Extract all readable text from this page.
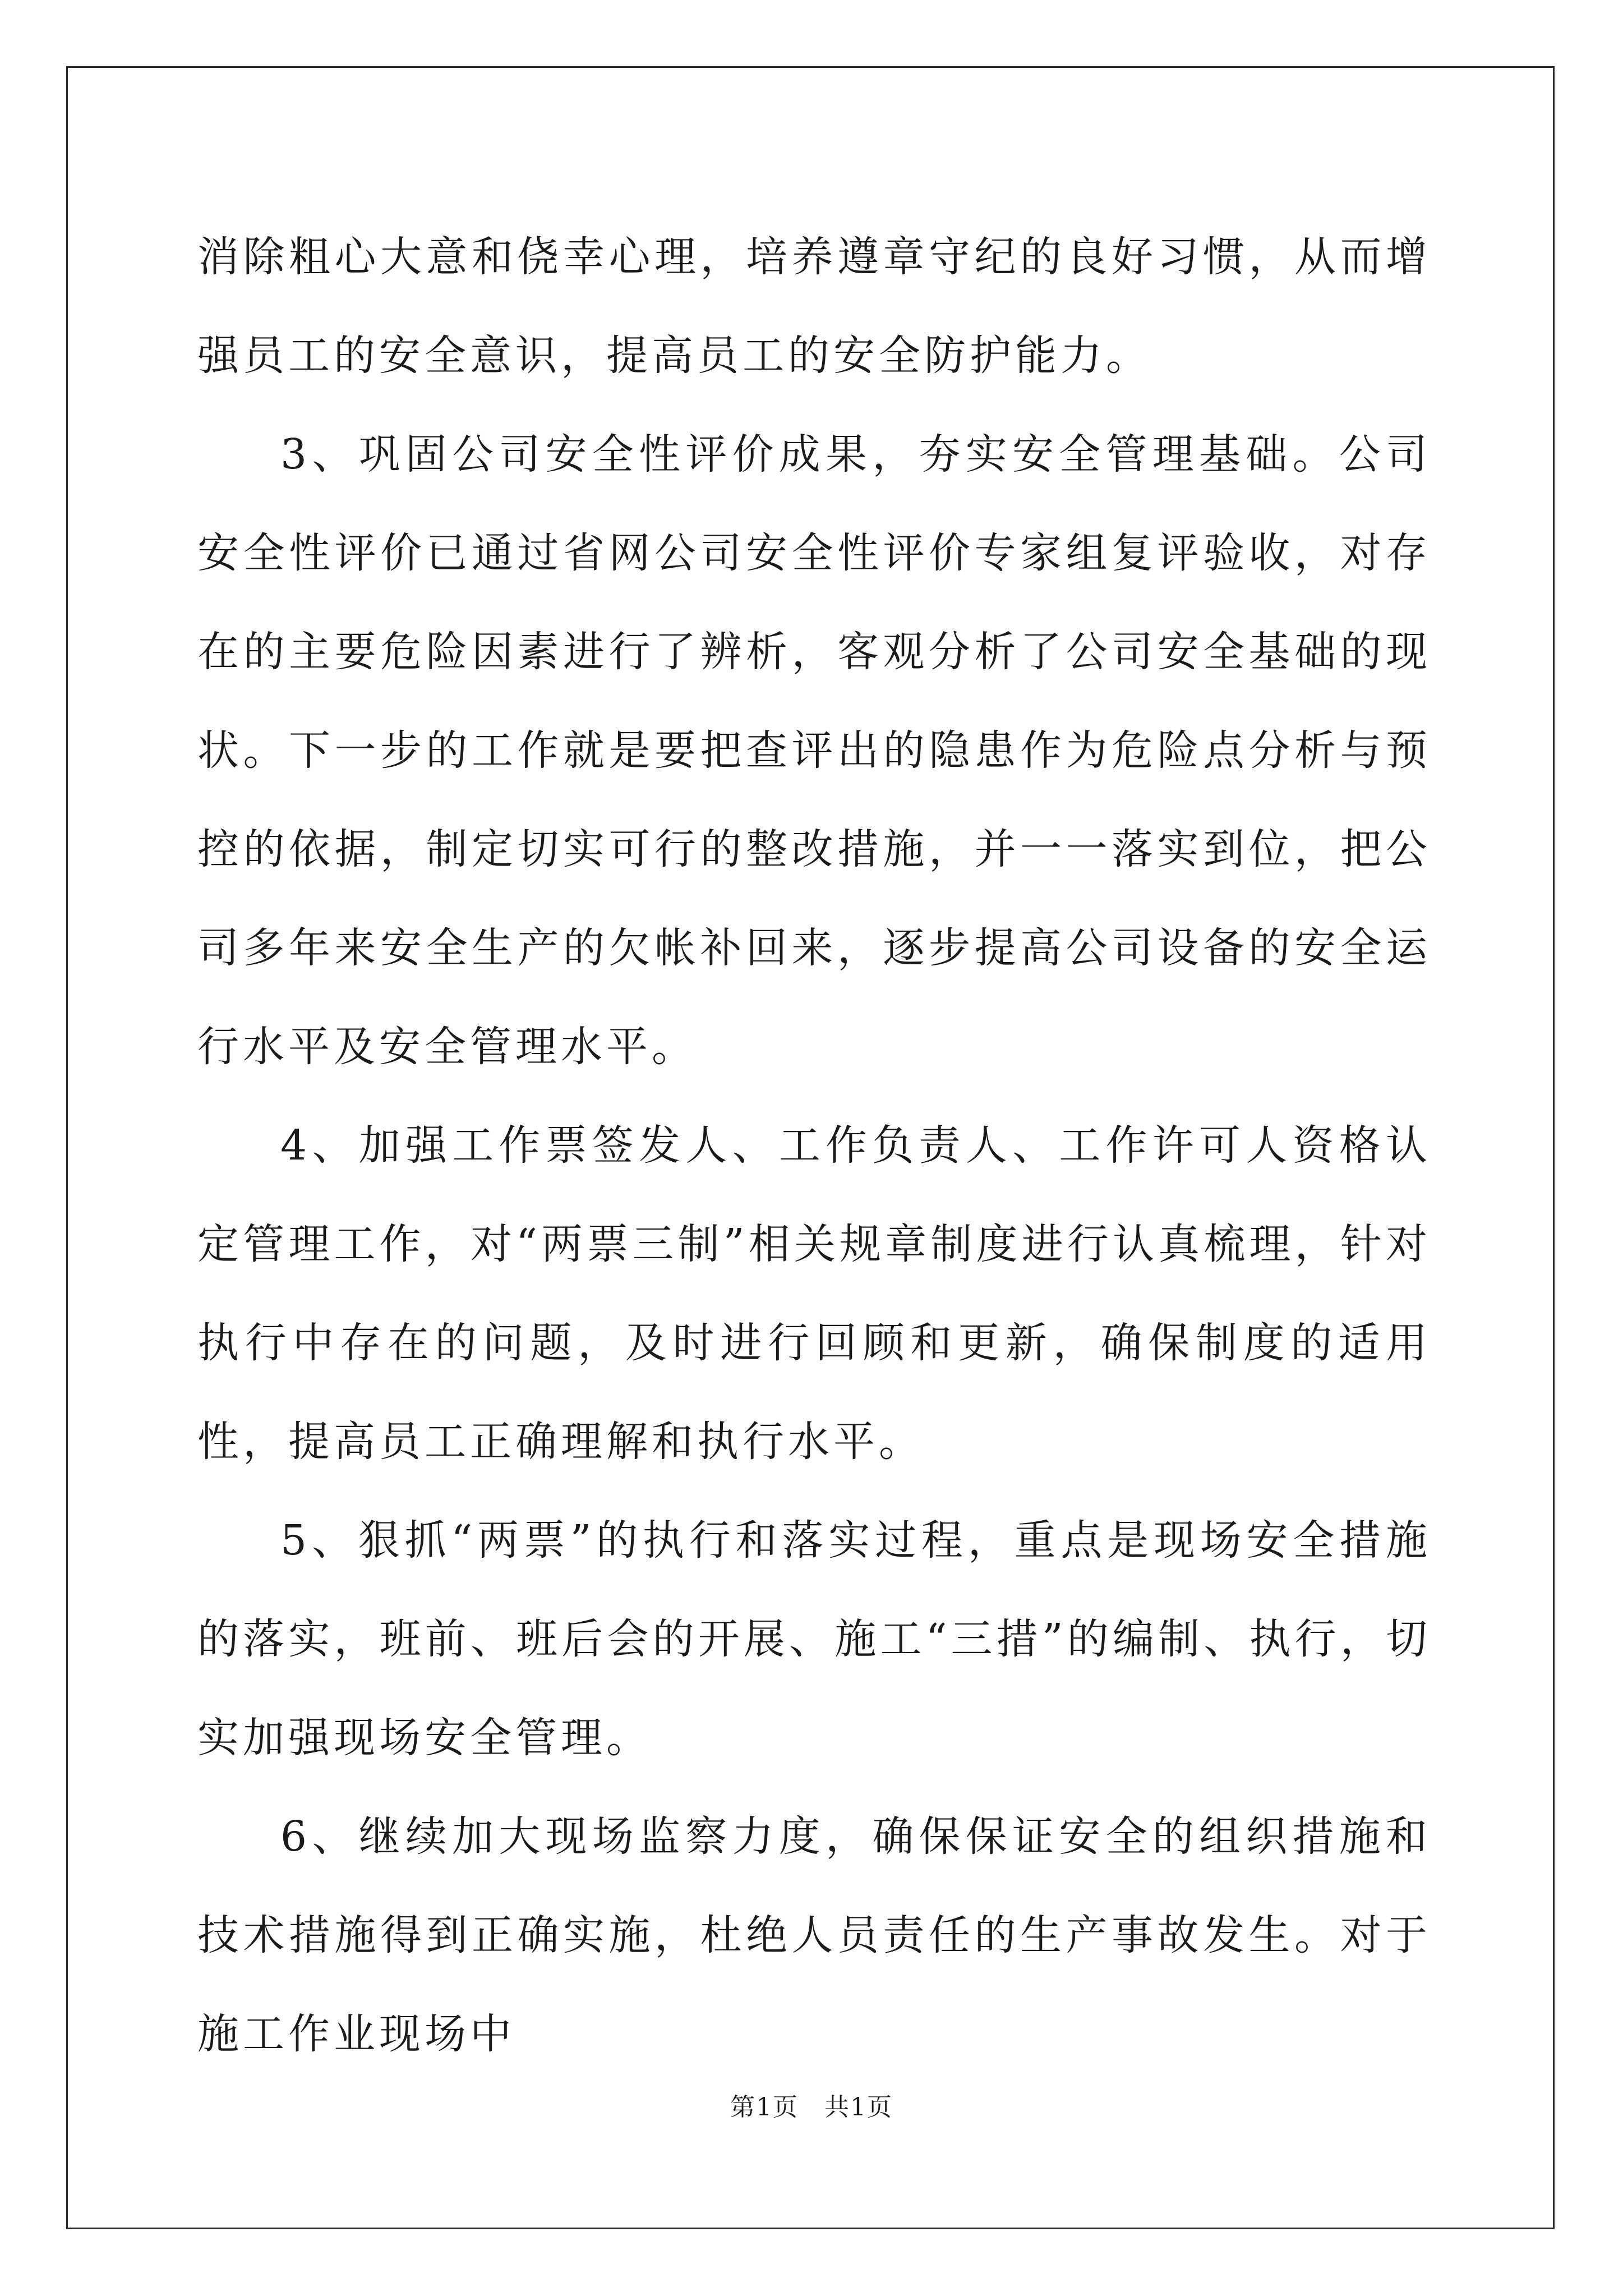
消除粗心大意和侥幸心理，培养遵章守纪的良好习惯，从而增强员工的安全意识，提高员工的安全防护能力。

3、巩固公司安全性评价成果，夯实安全管理基础。公司安全性评价已通过省网公司安全性评价专家组复评验收，对存在的主要危险因素进行了辨析，客观分析了公司安全基础的现状。下一步的工作就是要把查评出的隐患作为危险点分析与预控的依据，制定切实可行的整改措施，并一一落实到位，把公司多年来安全生产的欠帐补回来，逐步提高公司设备的安全运行水平及安全管理水平。

4、加强工作票签发人、工作负责人、工作许可人资格认定管理工作，对“两票三制”相关规章制度进行认真梳理，针对执行中存在的问题，及时进行回顾和更新，确保制度的适用性，提高员工正确理解和执行水平。

5、狠抓“两票”的执行和落实过程，重点是现场安全措施的落实，班前、班后会的开展、施工“三措”的编制、执行，切实加强现场安全管理。

6、继续加大现场监察力度，确保保证安全的组织措施和技术措施得到正确实施，杜绝人员责任的生产事故发生。对于施工作业现场中

第1页　共1页
